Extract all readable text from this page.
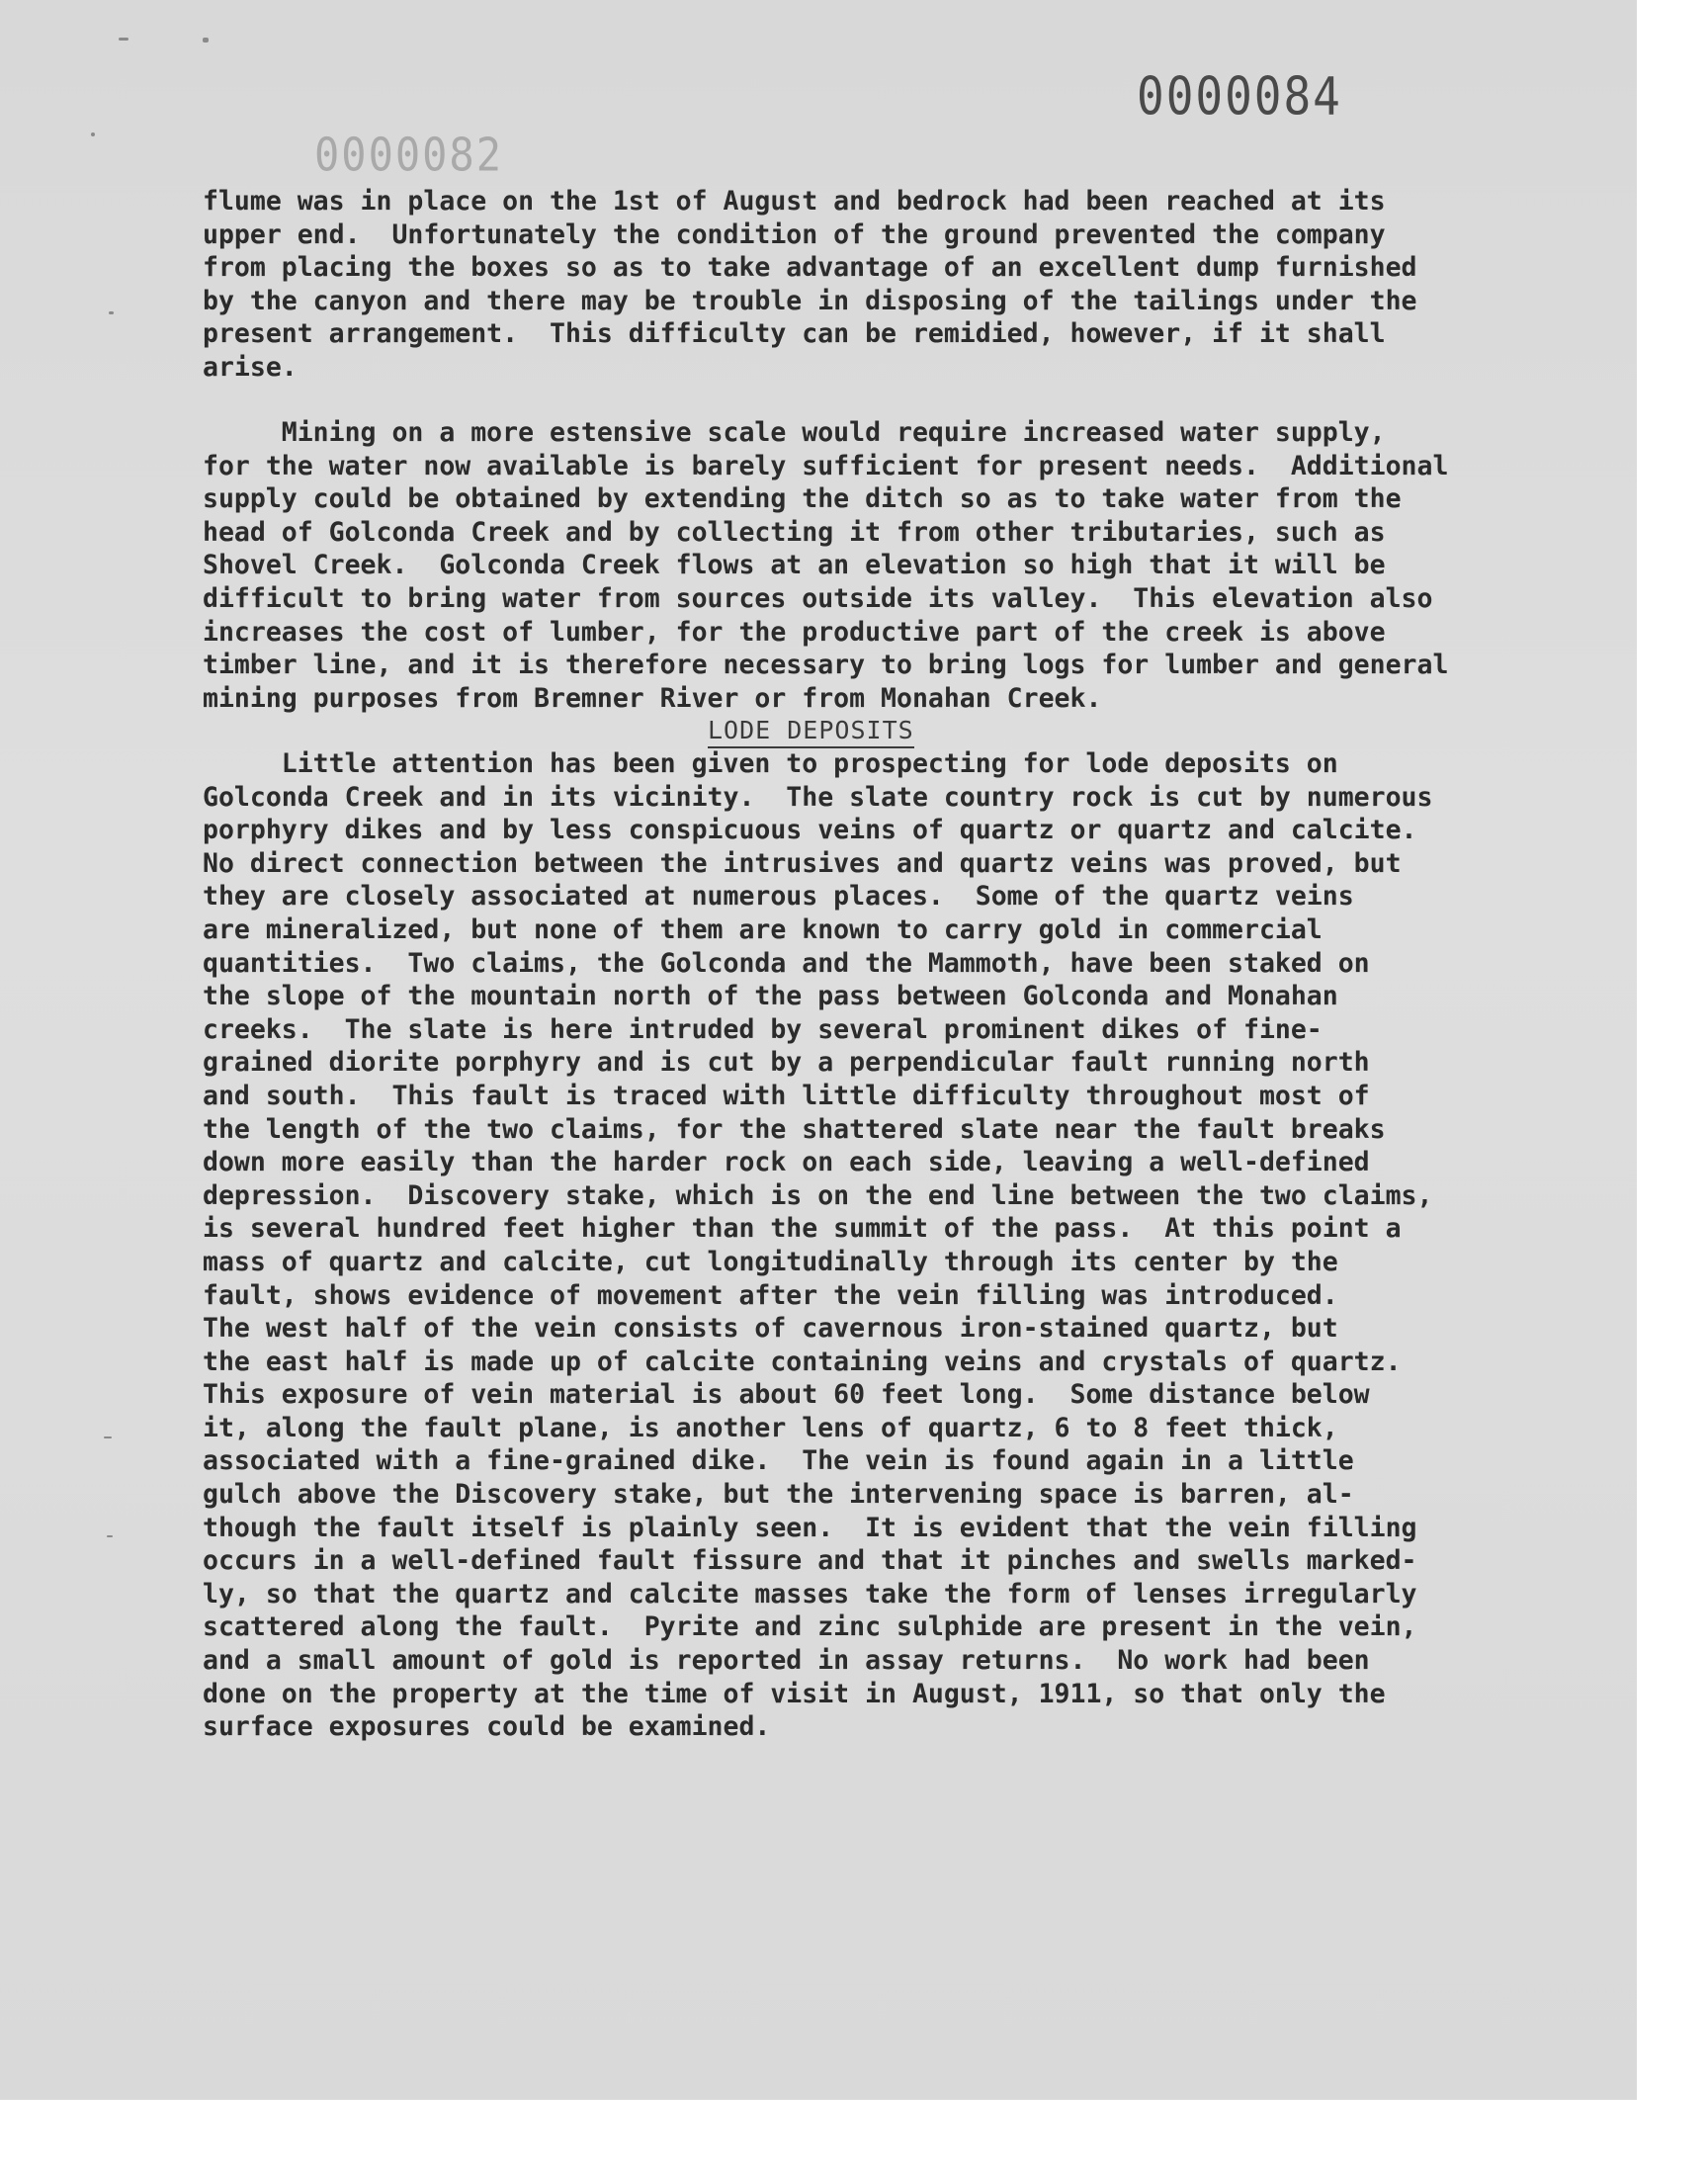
0000084
0000082

flume was in place on the 1st of August and bedrock had been reached at its
upper end.  Unfortunately the condition of the ground prevented the company
from placing the boxes so as to take advantage of an excellent dump furnished
by the canyon and there may be trouble in disposing of the tailings under the
present arrangement.  This difficulty can be remidied, however, if it shall
arise.

Mining on a more estensive scale would require increased water supply,
for the water now available is barely sufficient for present needs.  Additional
supply could be obtained by extending the ditch so as to take water from the
head of Golconda Creek and by collecting it from other tributaries, such as
Shovel Creek.  Golconda Creek flows at an elevation so high that it will be
difficult to bring water from sources outside its valley.  This elevation also
increases the cost of lumber, for the productive part of the creek is above
timber line, and it is therefore necessary to bring logs for lumber and general
mining purposes from Bremner River or from Monahan Creek.

LODE DEPOSITS

Little attention has been given to prospecting for lode deposits on
Golconda Creek and in its vicinity.  The slate country rock is cut by numerous
porphyry dikes and by less conspicuous veins of quartz or quartz and calcite.
No direct connection between the intrusives and quartz veins was proved, but
they are closely associated at numerous places.  Some of the quartz veins
are mineralized, but none of them are known to carry gold in commercial
quantities.  Two claims, the Golconda and the Mammoth, have been staked on
the slope of the mountain north of the pass between Golconda and Monahan
creeks.  The slate is here intruded by several prominent dikes of fine-
grained diorite porphyry and is cut by a perpendicular fault running north
and south.  This fault is traced with little difficulty throughout most of
the length of the two claims, for the shattered slate near the fault breaks
down more easily than the harder rock on each side, leaving a well-defined
depression.  Discovery stake, which is on the end line between the two claims,
is several hundred feet higher than the summit of the pass.  At this point a
mass of quartz and calcite, cut longitudinally through its center by the
fault, shows evidence of movement after the vein filling was introduced.
The west half of the vein consists of cavernous iron-stained quartz, but
the east half is made up of calcite containing veins and crystals of quartz.
This exposure of vein material is about 60 feet long.  Some distance below
it, along the fault plane, is another lens of quartz, 6 to 8 feet thick,
associated with a fine-grained dike.  The vein is found again in a little
gulch above the Discovery stake, but the intervening space is barren, al-
though the fault itself is plainly seen.  It is evident that the vein filling
occurs in a well-defined fault fissure and that it pinches and swells marked-
ly, so that the quartz and calcite masses take the form of lenses irregularly
scattered along the fault.  Pyrite and zinc sulphide are present in the vein,
and a small amount of gold is reported in assay returns.  No work had been
done on the property at the time of visit in August, 1911, so that only the
surface exposures could be examined.
